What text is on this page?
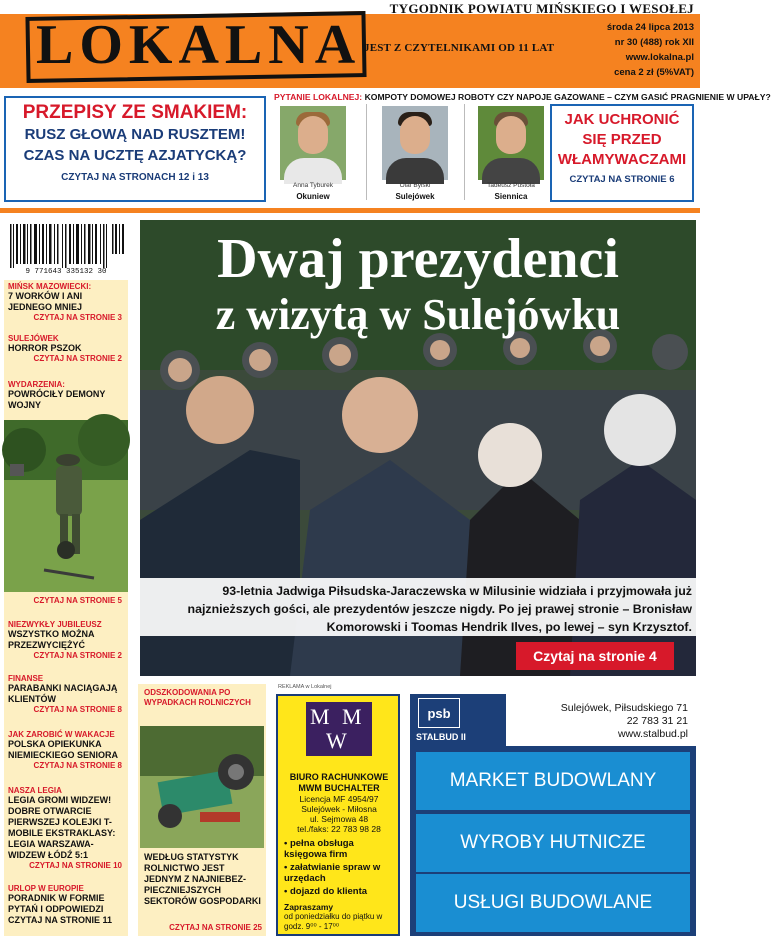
TYGODNIK POWIATU MIŃSKIEGO I WESOŁEJ
LOKALNA JEST Z CZYTELNIKAMI OD 11 LAT
środa 24 lipca 2013
nr 30 (488) rok XII
www.lokalna.pl
cena 2 zł (5%VAT)
PRZEPISY ZE SMAKIEM:
RUSZ GŁOWĄ NAD RUSZTEM!
CZAS NA UCZTĘ AZJATYCKĄ?
CZYTAJ NA STRONACH 12 i 13
PYTANIE LOKALNEJ: KOMPOTY DOMOWEJ ROBOTY CZY NAPOJE GAZOWANE – CZYM GASIĆ PRAGNIENIE W UPAŁY?
Anna Tyburek
Okuniew
Olaf Bylski
Sulejówek
Tadeusz Pustoła
Siennica
JAK UCHRONIĆ SIĘ PRZED WŁAMYWACZAMI
CZYTAJ NA STRONIE 6
9 771643 335132 30
MIŃSK MAZOWIECKI:
7 WORKÓW I ANI JEDNEGO MNIEJ
CZYTAJ NA STRONIE 3
SULEJÓWEK
HORROR PSZOK
CZYTAJ NA STRONIE 2
WYDARZENIA:
POWRÓCIŁY DEMONY WOJNY
CZYTAJ NA STRONIE 5
NIEZWYKŁY JUBILEUSZ
WSZYSTKO MOŻNA PRZEZWYCIĘŻYĆ
CZYTAJ NA STRONIE 2
FINANSE
PARABANKI NACIĄGAJĄ KLIENTÓW
CZYTAJ NA STRONIE 8
JAK ZAROBIĆ W WAKACJE
POLSKA OPIEKUNKA NIEMIECKIEGO SENIORA
CZYTAJ NA STRONIE 8
NASZA LEGIA
LEGIA GROMI WIDZEW! DOBRE OTWARCIE PIERWSZEJ KOLEJKI T-MOBILE EKSTRAKLASY: LEGIA WARSZAWA-WIDZEW ŁÓDŹ 5:1
CZYTAJ NA STRONIE 10
URLOP W EUROPIE
PORADNIK W FORMIE PYTAŃ I ODPOWIEDZI CZYTAJ NA STRONIE 11
Dwaj prezydenci
z wizytą w Sulejówku
93-letnia Jadwiga Piłsudska-Jaraczewska w Milusinie widziała i przyjmowała już najznieższych gości, ale prezydentów jeszcze nigdy. Po jej prawej stronie – Bronisław Komorowski i Toomas Hendrik Ilves, po lewej – syn Krzysztof.
Czytaj na stronie 4
ODSZKODOWANIA PO WYPADKACH ROLNICZYCH
WEDŁUG STATYSTYK ROLNICTWO JEST JEDNYM Z NAJNIEBEZ-PIECZNIEJSZYCH SEKTORÓW GOSPODARKI
CZYTAJ NA STRONIE 25
REKLAMA w Lokalnej
M M
W
BIURO RACHUNKOWE
MWM BUCHALTER
Licencja MF 4954/97
Sulejówek - Miłosna
ul. Sejmowa 48
tel./faks: 22 783 98 28
• pełna obsługa księgowa firm
• załatwianie spraw w urzędach
• dojazd do klienta
Zapraszamy
od poniedziałku do piątku w godz. 9⁰⁰ - 17⁰⁰
psb
STALBUD II
Sulejówek, Piłsudskiego 71
22 783 31 21
www.stalbud.pl
MARKET BUDOWLANY
WYROBY HUTNICZE
USŁUGI BUDOWLANE
